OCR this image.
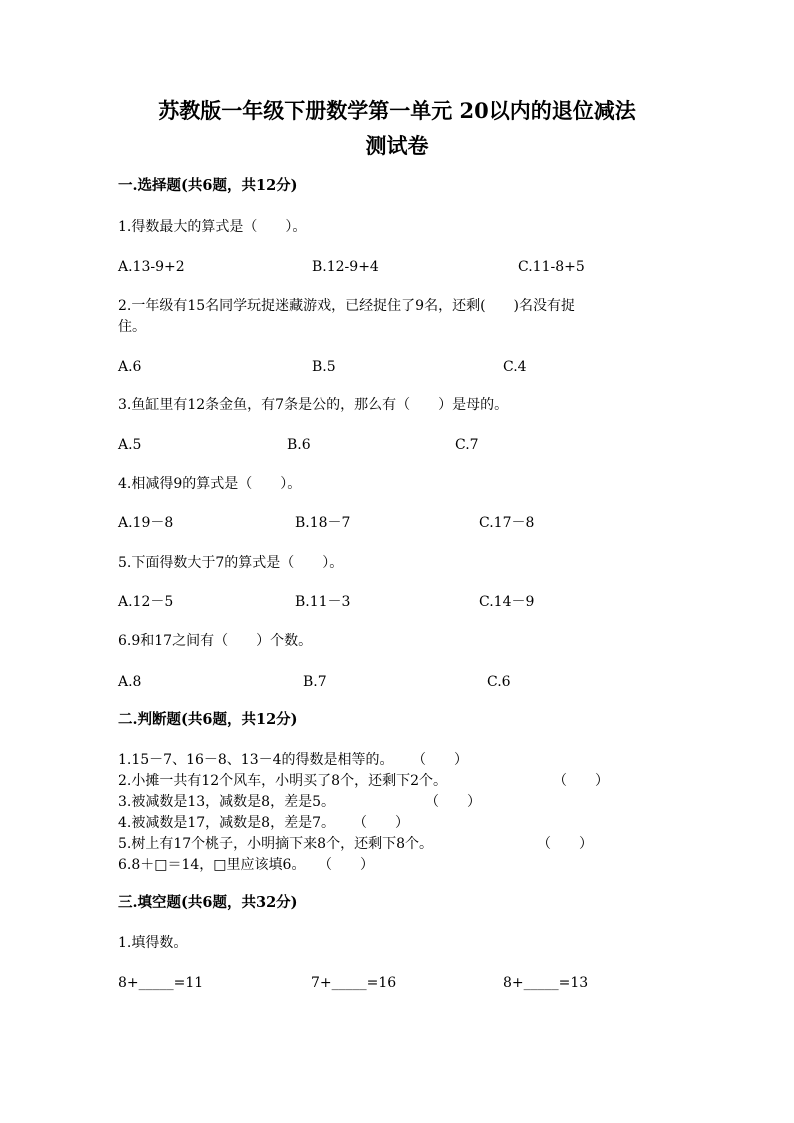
苏教版一年级下册数学第一单元 20以内的退位减法
测试卷
一.选择题(共6题，共12分)
1.得数最大的算式是（　　）。
A.13-9+2	B.12-9+4	C.11-8+5
2.一年级有15名同学玩捉迷藏游戏，已经捉住了9名，还剩(　　)名没有捉
住。
A.6	B.5	C.4
3.鱼缸里有12条金鱼，有7条是公的，那么有（　　）是母的。
A.5	B.6	C.7
4.相减得9的算式是（　　）。
A.19－8	B.18－7	C.17－8
5.下面得数大于7的算式是（　　）。
A.12－5	B.11－3	C.14－9
6.9和17之间有（　　）个数。
A.8	B.7	C.6
二.判断题(共6题，共12分)
1.15－7、16－8、13－4的得数是相等的。 （　　）
2.小摊一共有12个风车，小明买了8个，还剩下2个。	（　　）
3.被减数是13，减数是8，差是5。	（　　）
4.被减数是17，减数是8，差是7。 （　　）
5.树上有17个桃子，小明摘下来8个，还剩下8个。	（　　）
6.8＋□＝14，□里应该填6。 （　　）
三.填空题(共6题，共32分)
1.填得数。
8+_____=11	7+_____=16	8+_____=13
